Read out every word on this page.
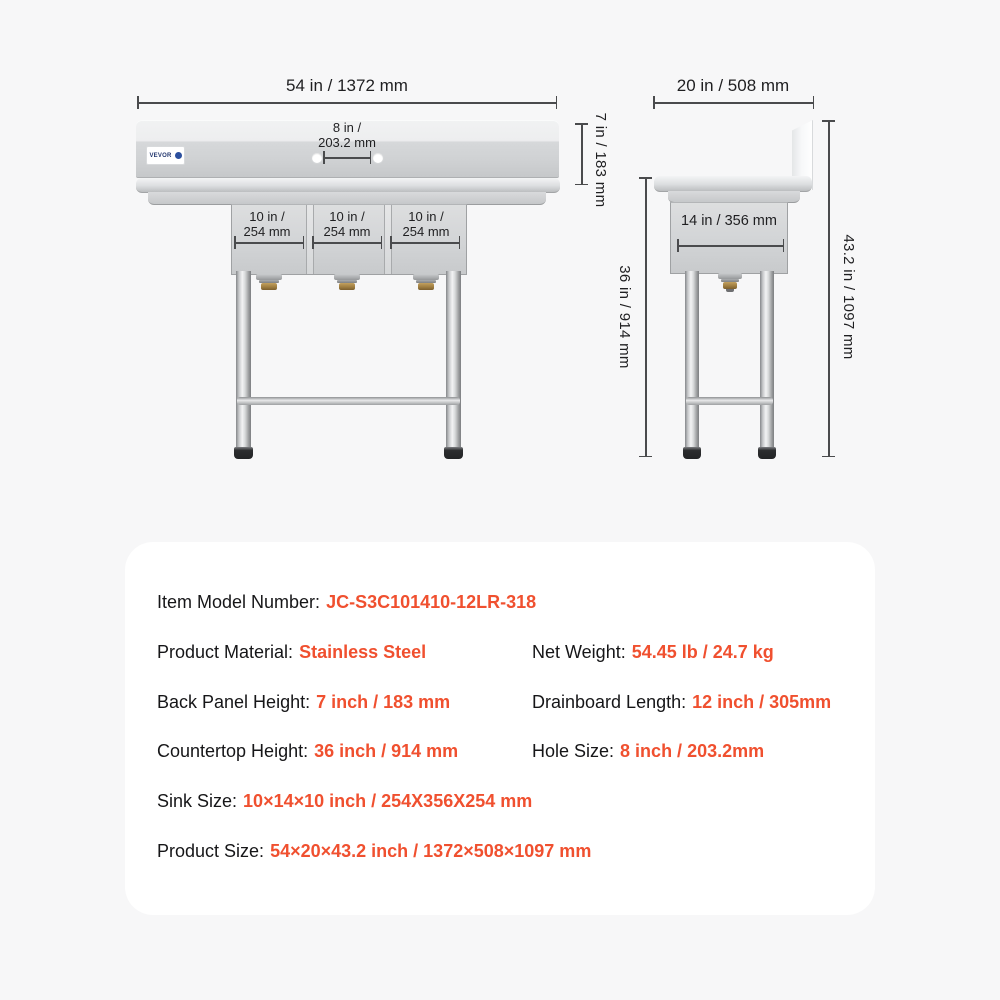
54 in / 1372 mm
VEVOR
8 in /
203.2 mm
10 in /
254 mm
10 in /
254 mm
10 in /
254 mm
7 in / 183 mm
20 in / 508 mm
14 in / 356 mm
36 in / 914 mm	43.2 in / 1097 mm
Item Model Number: JC-S3C101410-12LR-318
Product Material: Stainless Steel	Net Weight: 54.45 lb / 24.7 kg
Back Panel Height: 7 inch / 183 mm	Drainboard Length: 12 inch / 305mm
Countertop Height: 36 inch / 914 mm	Hole Size: 8 inch / 203.2mm
Sink Size: 10×14×10 inch / 254X356X254 mm
Product Size: 54×20×43.2 inch / 1372×508×1097 mm
